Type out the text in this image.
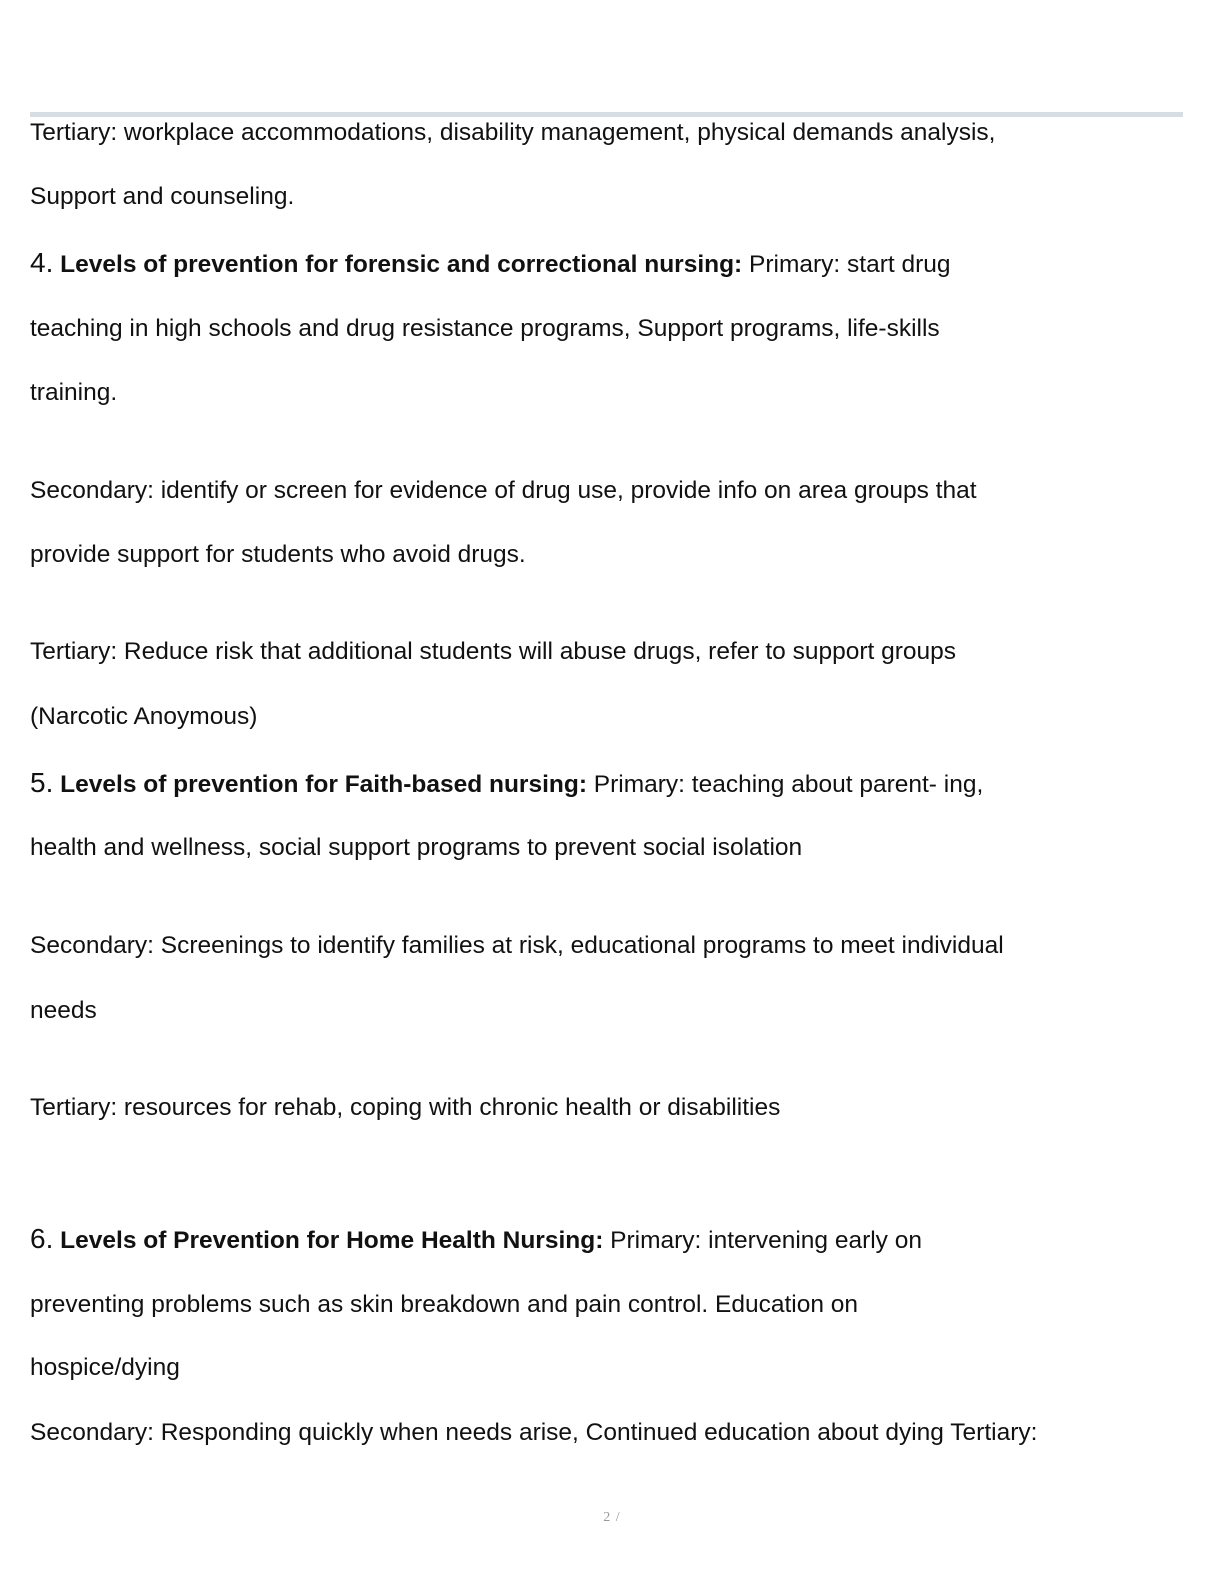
Tertiary: workplace accommodations, disability management, physical demands analysis,
Support and counseling.
4. Levels of prevention for forensic and correctional nursing: Primary: start drug
teaching in high schools and drug resistance programs, Support programs, life-skills
training.
Secondary: identify or screen for evidence of drug use, provide info on area groups that
provide support for students who avoid drugs.
Tertiary: Reduce risk that additional students will abuse drugs, refer to support groups
(Narcotic Anoymous)
5. Levels of prevention for Faith-based nursing: Primary: teaching about parent- ing,
health and wellness, social support programs to prevent social isolation
Secondary: Screenings to identify families at risk, educational programs to meet individual
needs
Tertiary: resources for rehab, coping with chronic health or disabilities
6. Levels of Prevention for Home Health Nursing: Primary: intervening early on
preventing problems such as skin breakdown and pain control. Education on
hospice/dying
Secondary: Responding quickly when needs arise, Continued education about dying Tertiary:
2 /
